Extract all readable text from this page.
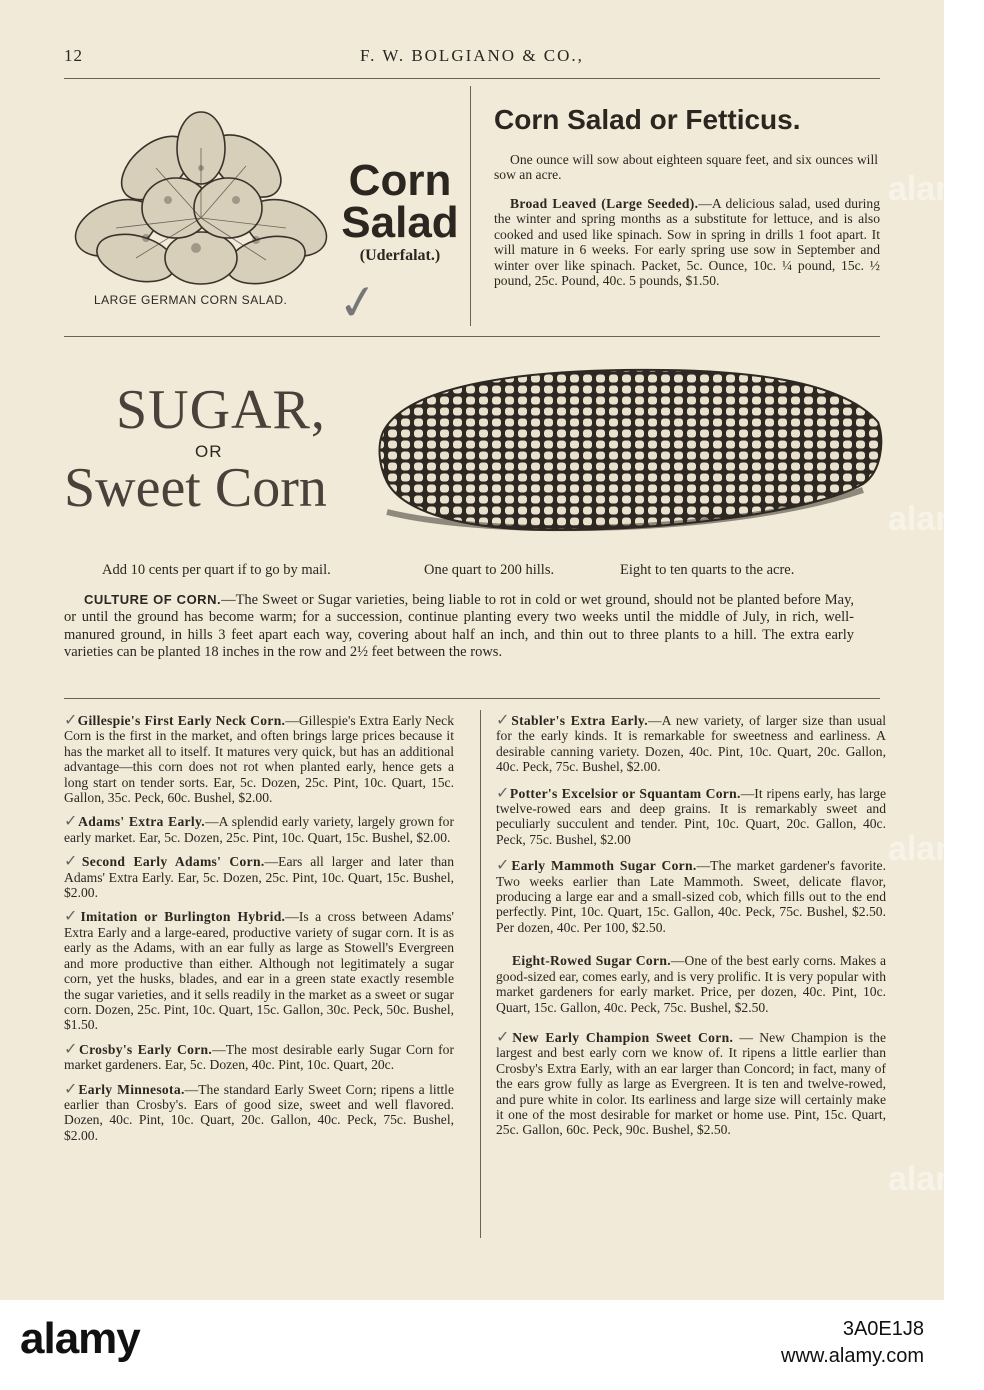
alamy
alamy
alamy
alamy
12	F. W. BOLGIANO & CO.,
LARGE GERMAN CORN SALAD.
Corn
Salad
(Uderfalat.)
✓
Corn Salad or Fetticus.
One ounce will sow about eighteen square feet, and six ounces will sow an acre.
Broad Leaved (Large Seeded).—A delicious salad, used during the winter and spring months as a substitute for lettuce, and is also cooked and used like spinach. Sow in spring in drills 1 foot apart. It will mature in 6 weeks. For early spring use sow in September and winter over like spinach. Packet, 5c. Ounce, 10c. ¼ pound, 15c. ½ pound, 25c. Pound, 40c. 5 pounds, $1.50.
SUGAR,
OR
Sweet Corn
Add 10 cents per quart if to go by mail.	One quart to 200 hills.	Eight to ten quarts to the acre.
CULTURE OF CORN.—The Sweet or Sugar varieties, being liable to rot in cold or wet ground, should not be planted before May, or until the ground has become warm; for a succession, continue planting every two weeks until the middle of July, in rich, well-manured ground, in hills 3 feet apart each way, covering about half an inch, and thin out to three plants to a hill. The extra early varieties can be planted 18 inches in the row and 2½ feet between the rows.
✓Gillespie's First Early Neck Corn.—Gillespie's Extra Early Neck Corn is the first in the market, and often brings large prices because it has the market all to itself. It matures very quick, but has an additional advantage—this corn does not rot when planted early, hence gets a long start on tender sorts. Ear, 5c. Dozen, 25c. Pint, 10c. Quart, 15c. Gallon, 35c. Peck, 60c. Bushel, $2.00.
✓Adams' Extra Early.—A splendid early variety, largely grown for early market. Ear, 5c. Dozen, 25c. Pint, 10c. Quart, 15c. Bushel, $2.00.
✓Second Early Adams' Corn.—Ears all larger and later than Adams' Extra Early. Ear, 5c. Dozen, 25c. Pint, 10c. Quart, 15c. Bushel, $2.00.
✓Imitation or Burlington Hybrid.—Is a cross between Adams' Extra Early and a large-eared, productive variety of sugar corn. It is as early as the Adams, with an ear fully as large as Stowell's Evergreen and more productive than either. Although not legitimately a sugar corn, yet the husks, blades, and ear in a green state exactly resemble the sugar varieties, and it sells readily in the market as a sweet or sugar corn. Dozen, 25c. Pint, 10c. Quart, 15c. Gallon, 30c. Peck, 50c. Bushel, $1.50.
✓Crosby's Early Corn.—The most desirable early Sugar Corn for market gardeners. Ear, 5c. Dozen, 40c. Pint, 10c. Quart, 20c.
✓Early Minnesota.—The standard Early Sweet Corn; ripens a little earlier than Crosby's. Ears of good size, sweet and well flavored. Dozen, 40c. Pint, 10c. Quart, 20c. Gallon, 40c. Peck, 75c. Bushel, $2.00.
✓Stabler's Extra Early.—A new variety, of larger size than usual for the early kinds. It is remarkable for sweetness and earliness. A desirable canning variety. Dozen, 40c. Pint, 10c. Quart, 20c. Gallon, 40c. Peck, 75c. Bushel, $2.00.
✓Potter's Excelsior or Squantam Corn.—It ripens early, has large twelve-rowed ears and deep grains. It is remarkably sweet and peculiarly succulent and tender. Pint, 10c. Quart, 20c. Gallon, 40c. Peck, 75c. Bushel, $2.00
✓Early Mammoth Sugar Corn.—The market gardener's favorite. Two weeks earlier than Late Mammoth. Sweet, delicate flavor, producing a large ear and a small-sized cob, which fills out to the end perfectly. Pint, 10c. Quart, 15c. Gallon, 40c. Peck, 75c. Bushel, $2.50. Per dozen, 40c. Per 100, $2.50.
Eight-Rowed Sugar Corn.—One of the best early corns. Makes a good-sized ear, comes early, and is very prolific. It is very popular with market gardeners for early market. Price, per dozen, 40c. Pint, 10c. Quart, 15c. Gallon, 40c. Peck, 75c. Bushel, $2.50.
✓New Early Champion Sweet Corn. — New Champion is the largest and best early corn we know of. It ripens a little earlier than Crosby's Extra Early, with an ear larger than Concord; in fact, many of the ears grow fully as large as Evergreen. It is ten and twelve-rowed, and pure white in color. Its earliness and large size will certainly make it one of the most desirable for market or home use. Pint, 15c. Quart, 25c. Gallon, 60c. Peck, 90c. Bushel, $2.50.
alamy	3A0E1J8
www.alamy.com
